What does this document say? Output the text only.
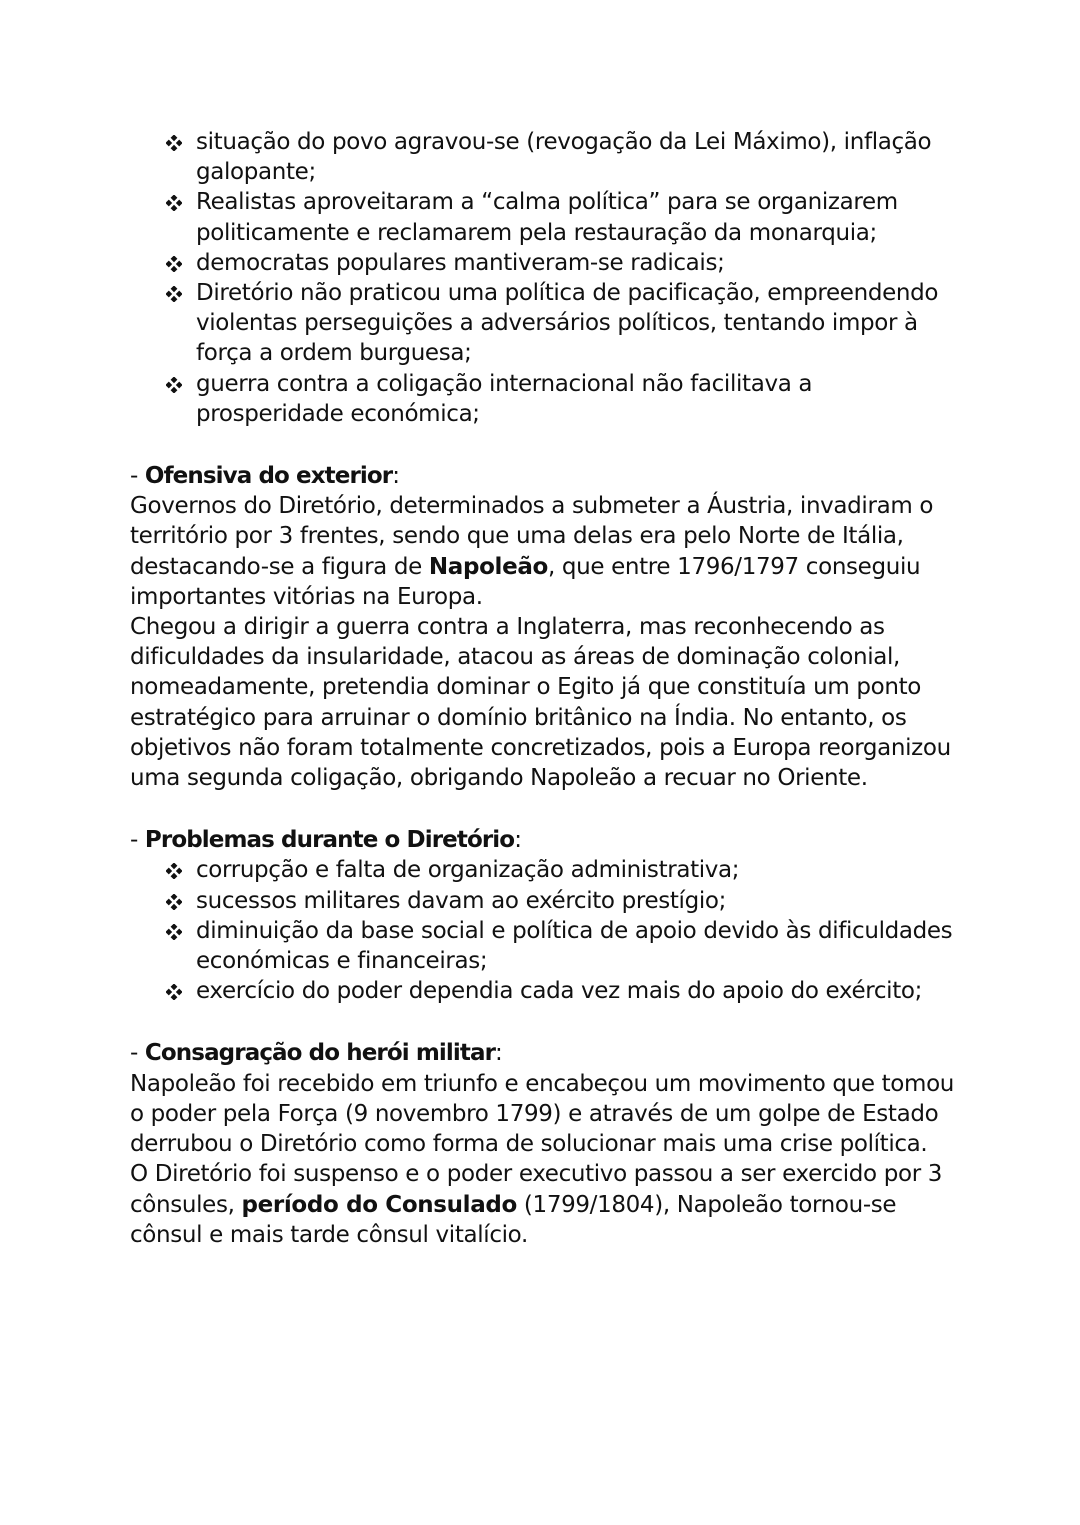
situação do povo agravou-se (revogação da Lei Máximo), inflação galopante;
Realistas aproveitaram a “calma política” para se organizarem politicamente e reclamarem pela restauração da monarquia;
democratas populares mantiveram-se radicais;
Diretório não praticou uma política de pacificação, empreendendo violentas perseguições a adversários políticos, tentando impor à força a ordem burguesa;
guerra contra a coligação internacional não facilitava a prosperidade económica;

- Ofensiva do exterior:

Governos do Diretório, determinados a submeter a Áustria, invadiram o território por 3 frentes, sendo que uma delas era pelo Norte de Itália, destacando-se a figura de Napoleão, que entre 1796/1797 conseguiu importantes vitórias na Europa.

Chegou a dirigir a guerra contra a Inglaterra, mas reconhecendo as dificuldades da insularidade, atacou as áreas de dominação colonial, nomeadamente, pretendia dominar o Egito já que constituía um ponto estratégico para arruinar o domínio britânico na Índia. No entanto, os objetivos não foram totalmente concretizados, pois a Europa reorganizou uma segunda coligação, obrigando Napoleão a recuar no Oriente.

- Problemas durante o Diretório:

corrupção e falta de organização administrativa;
sucessos militares davam ao exército prestígio;
diminuição da base social e política de apoio devido às dificuldades económicas e financeiras;
exercício do poder dependia cada vez mais do apoio do exército;

- Consagração do herói militar:

Napoleão foi recebido em triunfo e encabeçou um movimento que tomou o poder pela Força (9 novembro 1799) e através de um golpe de Estado derrubou o Diretório como forma de solucionar mais uma crise política.

O Diretório foi suspenso e o poder executivo passou a ser exercido por 3 cônsules, período do Consulado (1799/1804), Napoleão tornou-se cônsul e mais tarde cônsul vitalício.
